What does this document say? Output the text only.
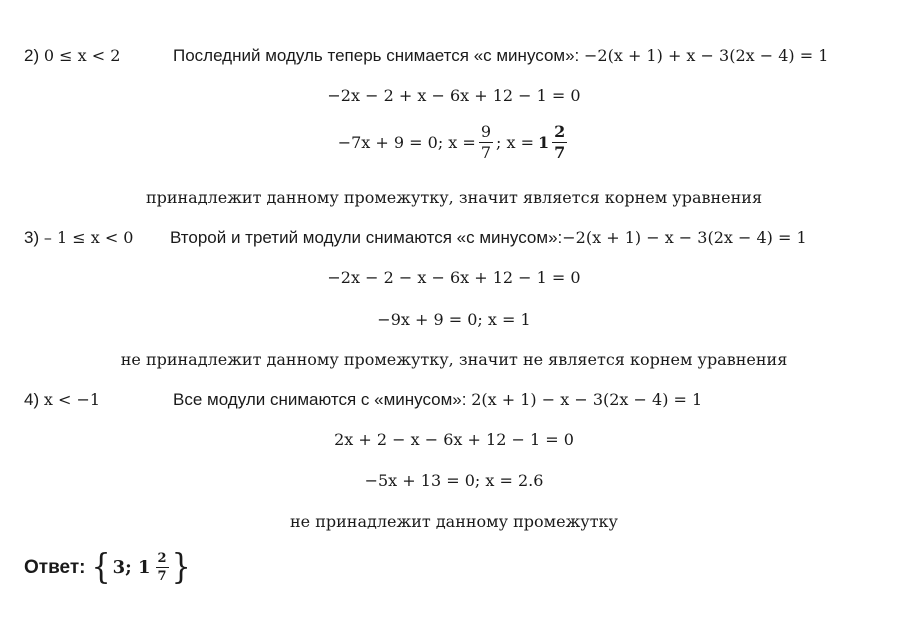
2) 0 ≤ x < 2	Последний модуль теперь снимается «с минусом»: −2(x + 1) + x − 3(2x − 4) = 1
−2x − 2 + x − 6x + 12 − 1 = 0
−7x + 9 = 0; $x = \frac{9}{7}$ ; $x = 1 \frac{2}{7}$
принадлежит данному промежутку, значит является корнем уравнения
3) – 1 ≤ x < 0 Второй и третий модули снимаются «с минусом»:−2(x + 1) − x − 3(2x − 4) = 1
−2x − 2 − x − 6x + 12 − 1 = 0
−9x + 9 = 0; x = 1
не принадлежит данному промежутку, значит не является корнем уравнения
4) x < −1	Все модули снимаются с «минусом»: 2(x + 1) − x − 3(2x − 4) = 1
2x + 2 − x − 6x + 12 − 1 = 0
−5x + 13 = 0; x = 2.6
не принадлежит данному промежутку
Ответ: { 3; $1 \frac{2}{7}$ }
